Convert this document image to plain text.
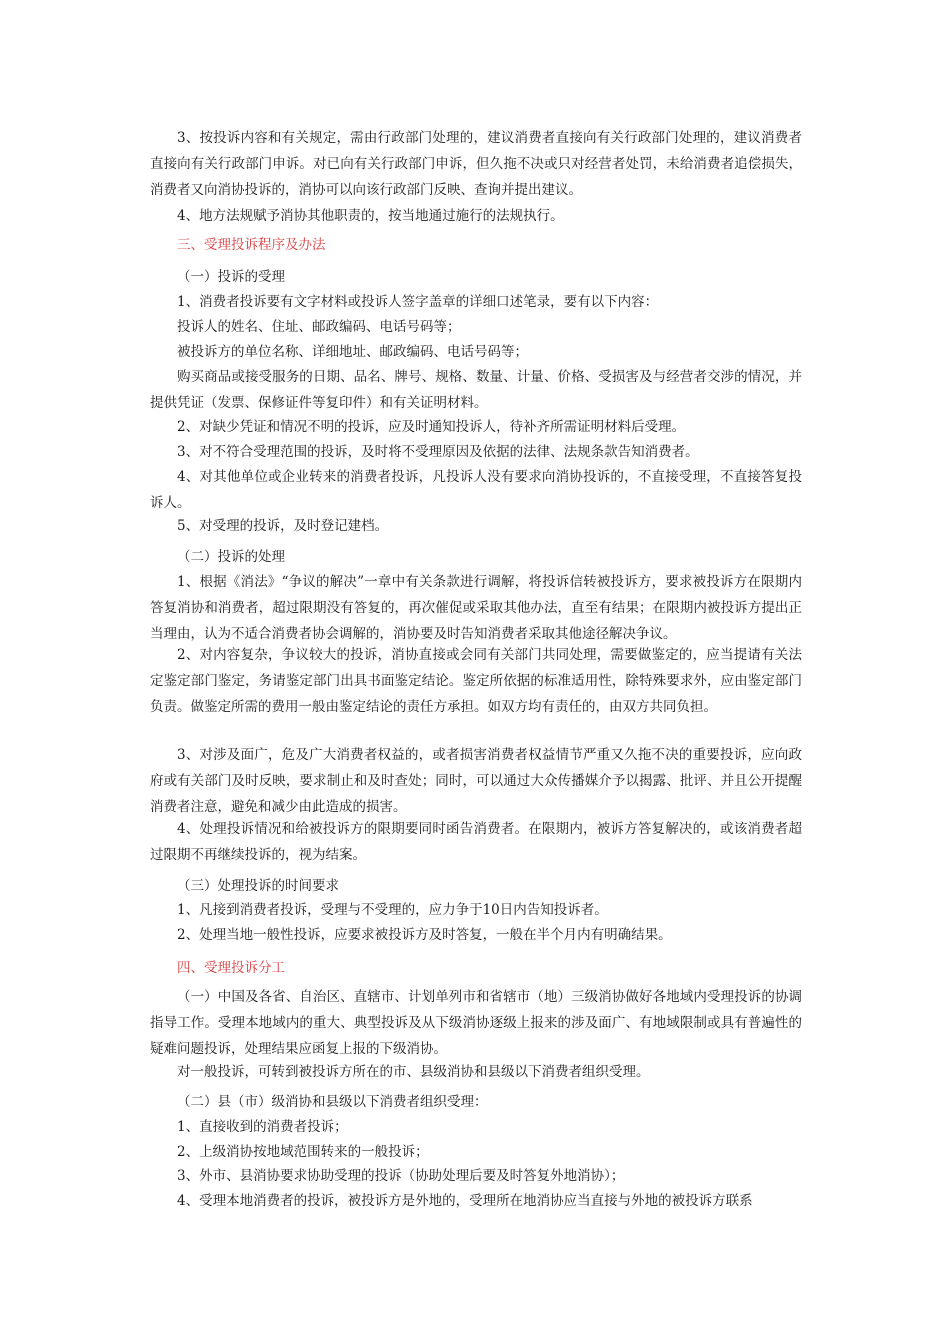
3、按投诉内容和有关规定，需由行政部门处理的，建议消费者直接向有关行政部门处理的，建议消费者直接向有关行政部门申诉。对已向有关行政部门申诉，但久拖不决或只对经营者处罚，未给消费者追偿损失，消费者又向消协投诉的，消协可以向该行政部门反映、查询并提出建议。

4、地方法规赋予消协其他职责的，按当地通过施行的法规执行。

三、受理投诉程序及办法

（一）投诉的受理

1、消费者投诉要有文字材料或投诉人签字盖章的详细口述笔录，要有以下内容：

投诉人的姓名、住址、邮政编码、电话号码等；

被投诉方的单位名称、详细地址、邮政编码、电话号码等；

购买商品或接受服务的日期、品名、牌号、规格、数量、计量、价格、受损害及与经营者交涉的情况，并提供凭证（发票、保修证件等复印件）和有关证明材料。

2、对缺少凭证和情况不明的投诉，应及时通知投诉人，待补齐所需证明材料后受理。

3、对不符合受理范围的投诉，及时将不受理原因及依据的法律、法规条款告知消费者。

4、对其他单位或企业转来的消费者投诉，凡投诉人没有要求向消协投诉的，不直接受理，不直接答复投诉人。

5、对受理的投诉，及时登记建档。

（二）投诉的处理

1、根据《消法》“争议的解决”一章中有关条款进行调解，将投诉信转被投诉方，要求被投诉方在限期内答复消协和消费者，超过限期没有答复的，再次催促或采取其他办法，直至有结果；在限期内被投诉方提出正当理由，认为不适合消费者协会调解的，消协要及时告知消费者采取其他途径解决争议。

2、对内容复杂，争议较大的投诉，消协直接或会同有关部门共同处理，需要做鉴定的，应当提请有关法定鉴定部门鉴定，务请鉴定部门出具书面鉴定结论。鉴定所依据的标准适用性，除特殊要求外，应由鉴定部门负责。做鉴定所需的费用一般由鉴定结论的责任方承担。如双方均有责任的，由双方共同负担。

3、对涉及面广，危及广大消费者权益的，或者损害消费者权益情节严重又久拖不决的重要投诉，应向政府或有关部门及时反映，要求制止和及时查处；同时，可以通过大众传播媒介予以揭露、批评、并且公开提醒消费者注意，避免和减少由此造成的损害。

4、处理投诉情况和给被投诉方的限期要同时函告消费者。在限期内，被诉方答复解决的，或该消费者超过限期不再继续投诉的，视为结案。

（三）处理投诉的时间要求

1、凡接到消费者投诉，受理与不受理的，应力争于10日内告知投诉者。

2、处理当地一般性投诉，应要求被投诉方及时答复，一般在半个月内有明确结果。

四、受理投诉分工

（一）中国及各省、自治区、直辖市、计划单列市和省辖市（地）三级消协做好各地域内受理投诉的协调指导工作。受理本地域内的重大、典型投诉及从下级消协逐级上报来的涉及面广、有地域限制或具有普遍性的疑难问题投诉，处理结果应函复上报的下级消协。

对一般投诉，可转到被投诉方所在的市、县级消协和县级以下消费者组织受理。

（二）县（市）级消协和县级以下消费者组织受理：

1、直接收到的消费者投诉；

2、上级消协按地域范围转来的一般投诉；

3、外市、县消协要求协助受理的投诉（协助处理后要及时答复外地消协）；

4、受理本地消费者的投诉，被投诉方是外地的，受理所在地消协应当直接与外地的被投诉方联系
